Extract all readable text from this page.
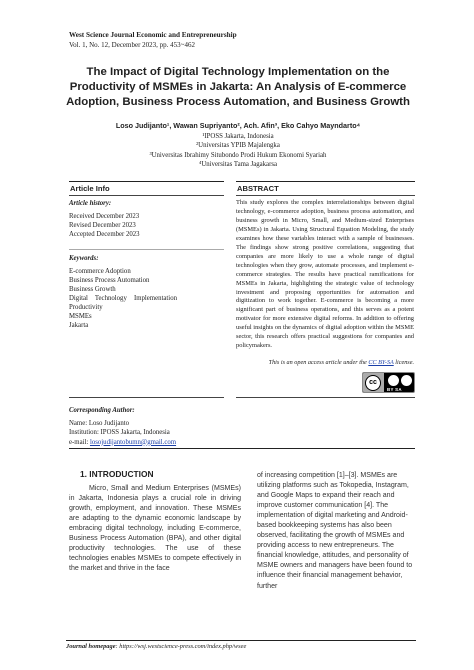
West Science Journal Economic and Entrepreneurship
Vol. 1, No. 12, December 2023, pp. 453~462
The Impact of Digital Technology Implementation on the Productivity of MSMEs in Jakarta: An Analysis of E-commerce Adoption, Business Process Automation, and Business Growth
Loso Judijanto¹, Wawan Supriyanto², Ach. Afin³, Eko Cahyo Mayndarto⁴
¹IPOSS Jakarta, Indonesia
²Universitas YPIB Majalengka
³Universitas Ibrahimy Situbondo Prodi Hukum Ekonomi Syariah
⁴Universitas Tama Jagakarsa
Article Info	ABSTRACT
Article history:
Received December 2023
Revised December 2023
Accepted December 2023
Keywords:
E-commerce Adoption
Business Process Automation
Business Growth
Digital Technology Implementation
Productivity
MSMEs
Jakarta
This study explores the complex interrelationships between digital technology, e-commerce adoption, business process automation, and business growth in Micro, Small, and Medium-sized Enterprises (MSMEs) in Jakarta. Using Structural Equation Modeling, the study examines how these variables interact with a sample of businesses. The findings show strong positive correlations, suggesting that companies are more likely to use a whole range of digital technologies when they grow, automate processes, and implement e-commerce strategies. The results have practical ramifications for MSMEs in Jakarta, highlighting the strategic value of technology investment and proposing opportunities for automation and digitization to work together. E-commerce is becoming a more significant part of business operations, and this serves as a potent motivator for more extensive digital reforms. In addition to offering useful insights on the dynamics of digital adoption within the MSME sector, this research offers practical suggestions for companies and policymakers.
This is an open access article under the CC BY-SA license.
cc
BY SA
Corresponding Author:
Name: Loso Judijanto
Institution: IPOSS Jakarta, Indonesia
e-mail: losojudijantobumn@gmail.com
1. INTRODUCTION
Micro, Small and Medium Enterprises (MSMEs) in Jakarta, Indonesia plays a crucial role in driving growth, employment, and innovation. These MSMEs are adapting to the dynamic economic landscape by embracing digital technology, including E-commerce, Business Process Automation (BPA), and other digital productivity technologies. The use of these technologies enables MSMEs to compete effectively in the market and thrive in the face
of increasing competition [1]–[3]. MSMEs are utilizing platforms such as Tokopedia, Instagram, and Google Maps to expand their reach and improve customer communication [4]. The implementation of digital marketing and Android-based bookkeeping systems has also been observed, facilitating the growth of MSMEs and providing access to new entrepreneurs. The financial knowledge, attitudes, and personality of MSME owners and managers have been found to influence their financial management behavior, further
Journal homepage: https://wsj.westscience-press.com/index.php/wsee
